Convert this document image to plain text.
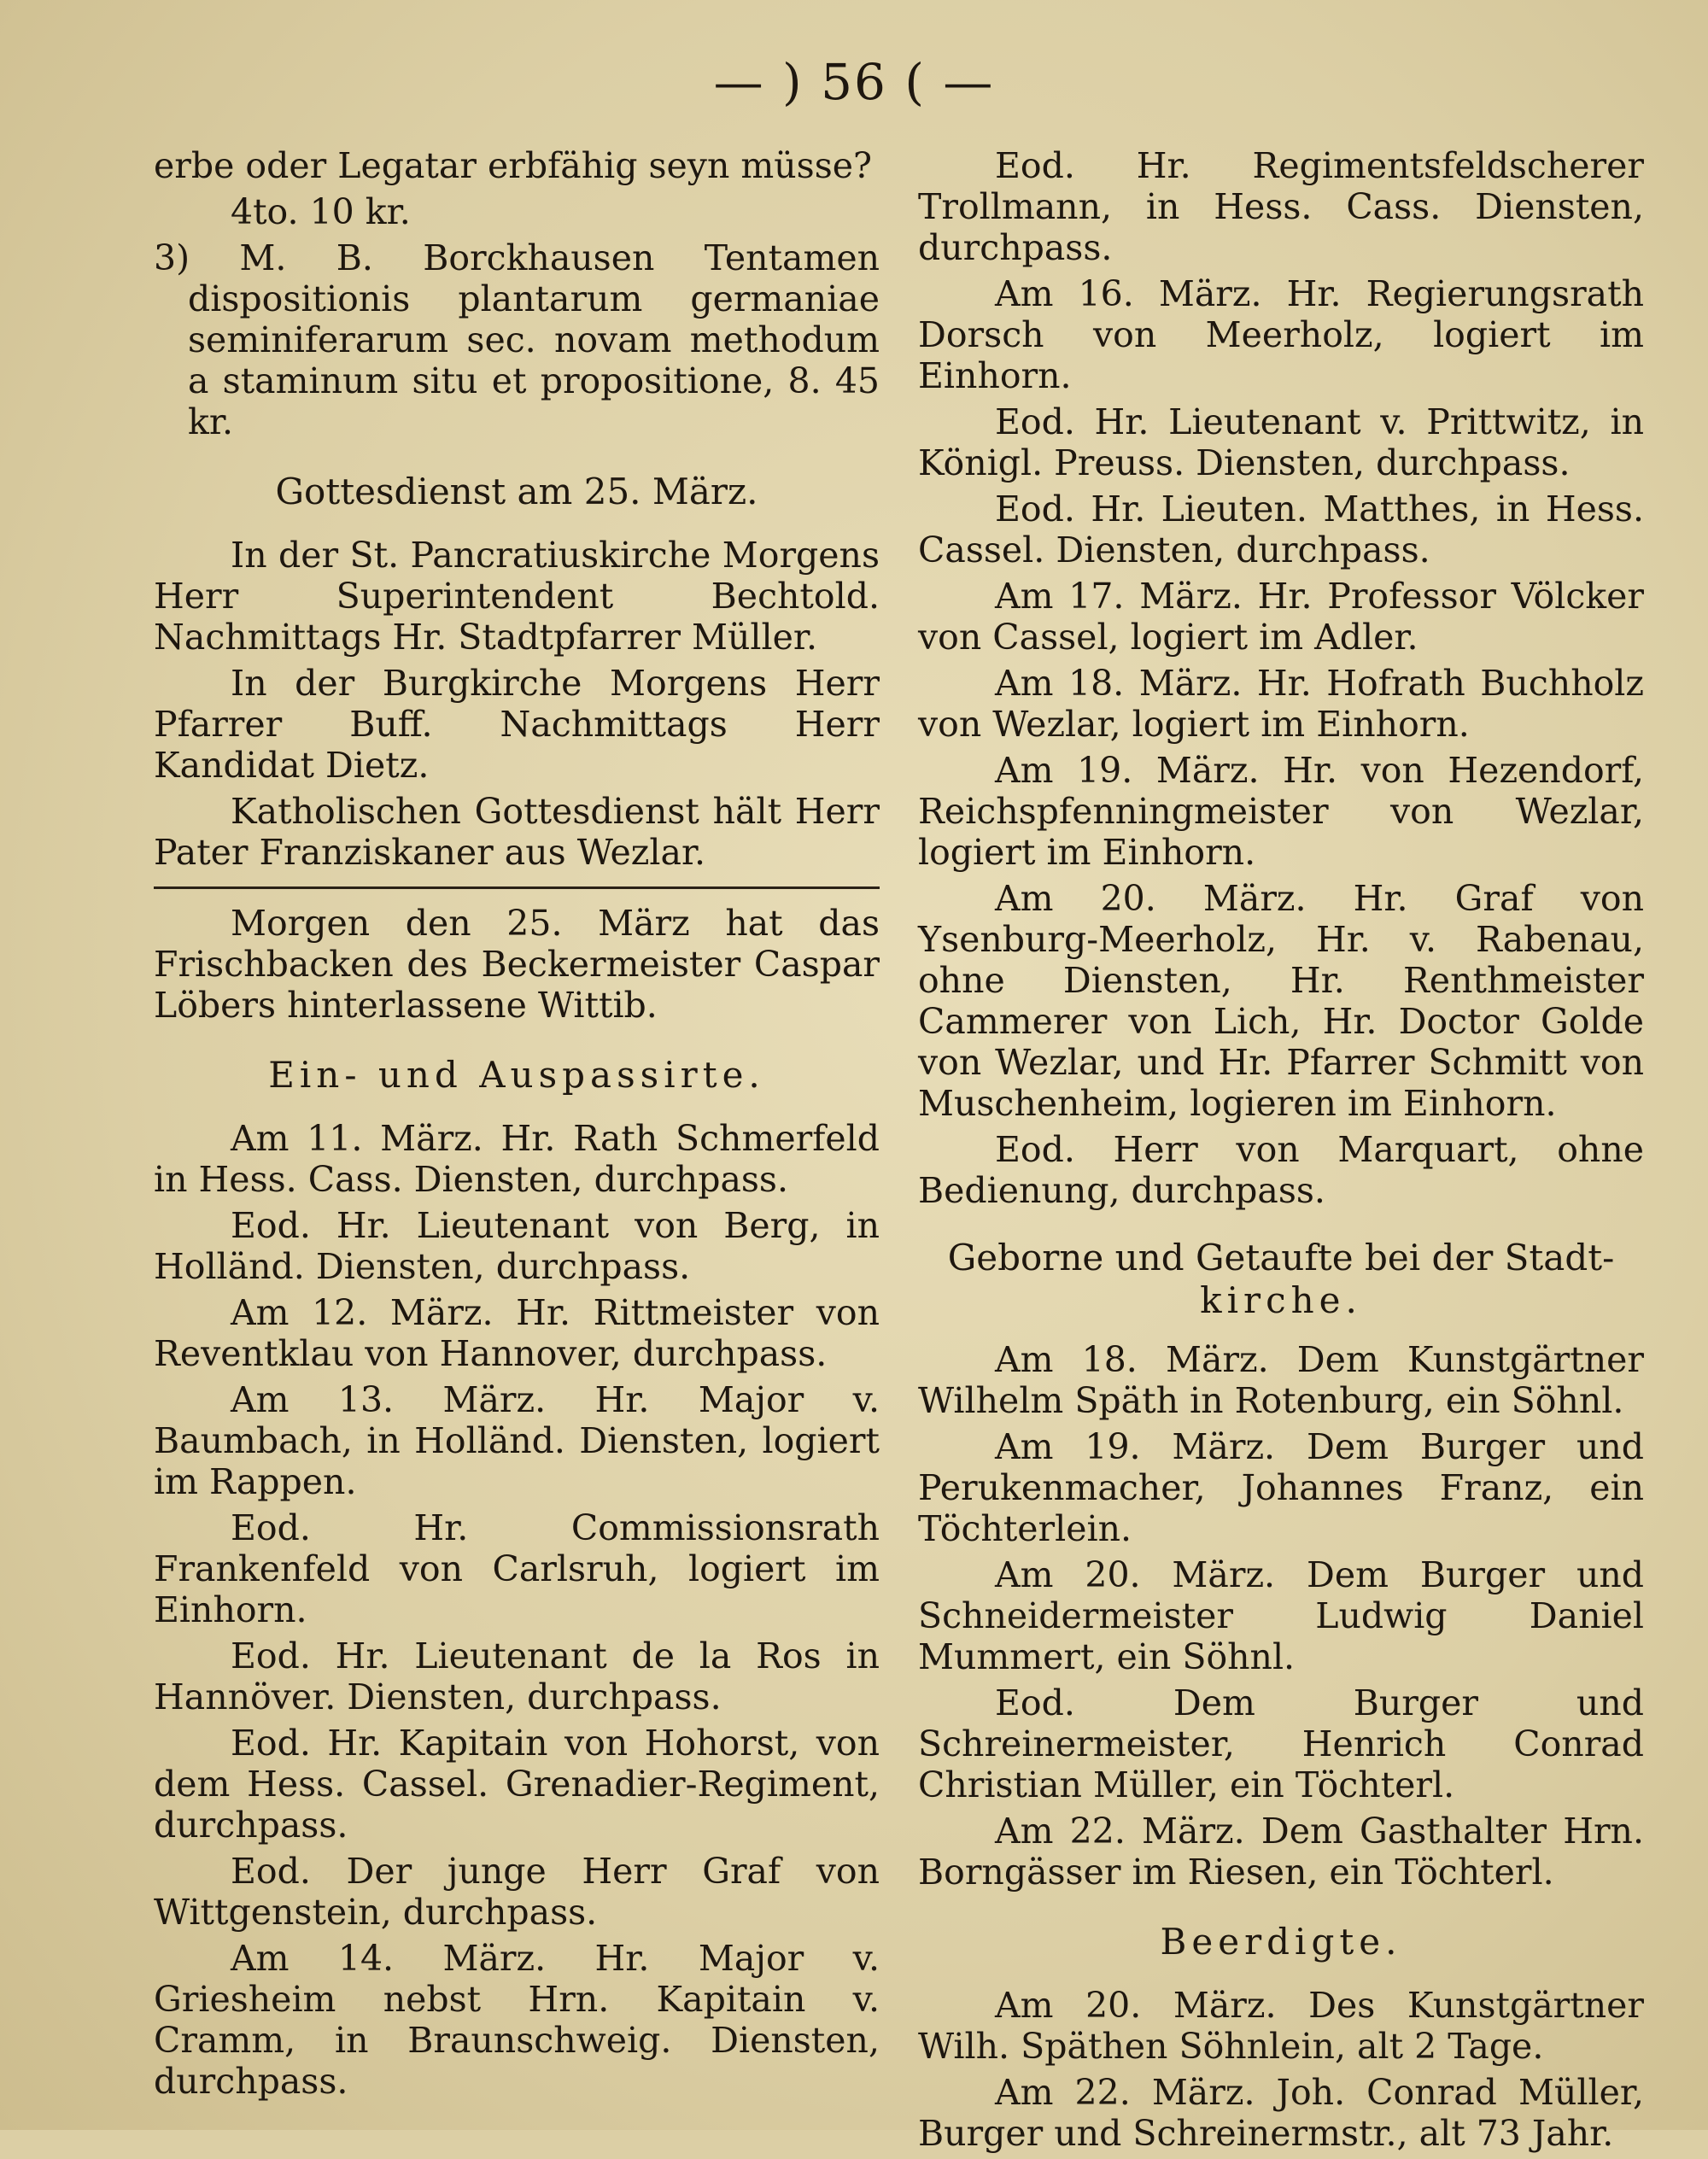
— ) 56 ( —

erbe oder Legatar erbfähig seyn müsse?

4to. 10 kr.

3) M. B. Borckhausen Tentamen dispositionis plantarum germaniae seminiferarum sec. novam methodum a staminum situ et propositione, 8. 45 kr.

Gottesdienst am 25. März.

In der St. Pancratiuskirche Morgens Herr Superintendent Bechtold. Nachmittags Hr. Stadtpfarrer Müller.

In der Burgkirche Morgens Herr Pfarrer Buff. Nachmittags Herr Kandidat Dietz.

Katholischen Gottesdienst hält Herr Pater Franziskaner aus Wezlar.

Morgen den 25. März hat das Frischbacken des Beckermeister Caspar Löbers hinterlassene Wittib.

Ein- und Auspassirte.

Am 11. März. Hr. Rath Schmerfeld in Hess. Cass. Diensten, durchpass.

Eod. Hr. Lieutenant von Berg, in Holländ. Diensten, durchpass.

Am 12. März. Hr. Rittmeister von Reventklau von Hannover, durchpass.

Am 13. März. Hr. Major v. Baumbach, in Holländ. Diensten, logiert im Rappen.

Eod. Hr. Commissionsrath Frankenfeld von Carlsruh, logiert im Einhorn.

Eod. Hr. Lieutenant de la Ros in Hannöver. Diensten, durchpass.

Eod. Hr. Kapitain von Hohorst, von dem Hess. Cassel. Grenadier-Regiment, durchpass.

Eod. Der junge Herr Graf von Wittgenstein, durchpass.

Am 14. März. Hr. Major v. Griesheim nebst Hrn. Kapitain v. Cramm, in Braunschweig. Diensten, durchpass.

Eod. Hr. Regimentsfeldscherer Trollmann, in Hess. Cass. Diensten, durchpass.

Am 16. März. Hr. Regierungsrath Dorsch von Meerholz, logiert im Einhorn.

Eod. Hr. Lieutenant v. Prittwitz, in Königl. Preuss. Diensten, durchpass.

Eod. Hr. Lieuten. Matthes, in Hess. Cassel. Diensten, durchpass.

Am 17. März. Hr. Professor Völcker von Cassel, logiert im Adler.

Am 18. März. Hr. Hofrath Buchholz von Wezlar, logiert im Einhorn.

Am 19. März. Hr. von Hezendorf, Reichspfenningmeister von Wezlar, logiert im Einhorn.

Am 20. März. Hr. Graf von Ysenburg-Meerholz, Hr. v. Rabenau, ohne Diensten, Hr. Renthmeister Cammerer von Lich, Hr. Doctor Golde von Wezlar, und Hr. Pfarrer Schmitt von Muschenheim, logieren im Einhorn.

Eod. Herr von Marquart, ohne Bedienung, durchpass.

Geborne und Getaufte bei der Stadt-
kirche.

Am 18. März. Dem Kunstgärtner Wilhelm Späth in Rotenburg, ein Söhnl.

Am 19. März. Dem Burger und Perukenmacher, Johannes Franz, ein Töchterlein.

Am 20. März. Dem Burger und Schneidermeister Ludwig Daniel Mummert, ein Söhnl.

Eod. Dem Burger und Schreinermeister, Henrich Conrad Christian Müller, ein Töchterl.

Am 22. März. Dem Gasthalter Hrn. Borngässer im Riesen, ein Töchterl.

Beerdigte.

Am 20. März. Des Kunstgärtner Wilh. Späthen Söhnlein, alt 2 Tage.

Am 22. März. Joh. Conrad Müller, Burger und Schreinermstr., alt 73 Jahr.
